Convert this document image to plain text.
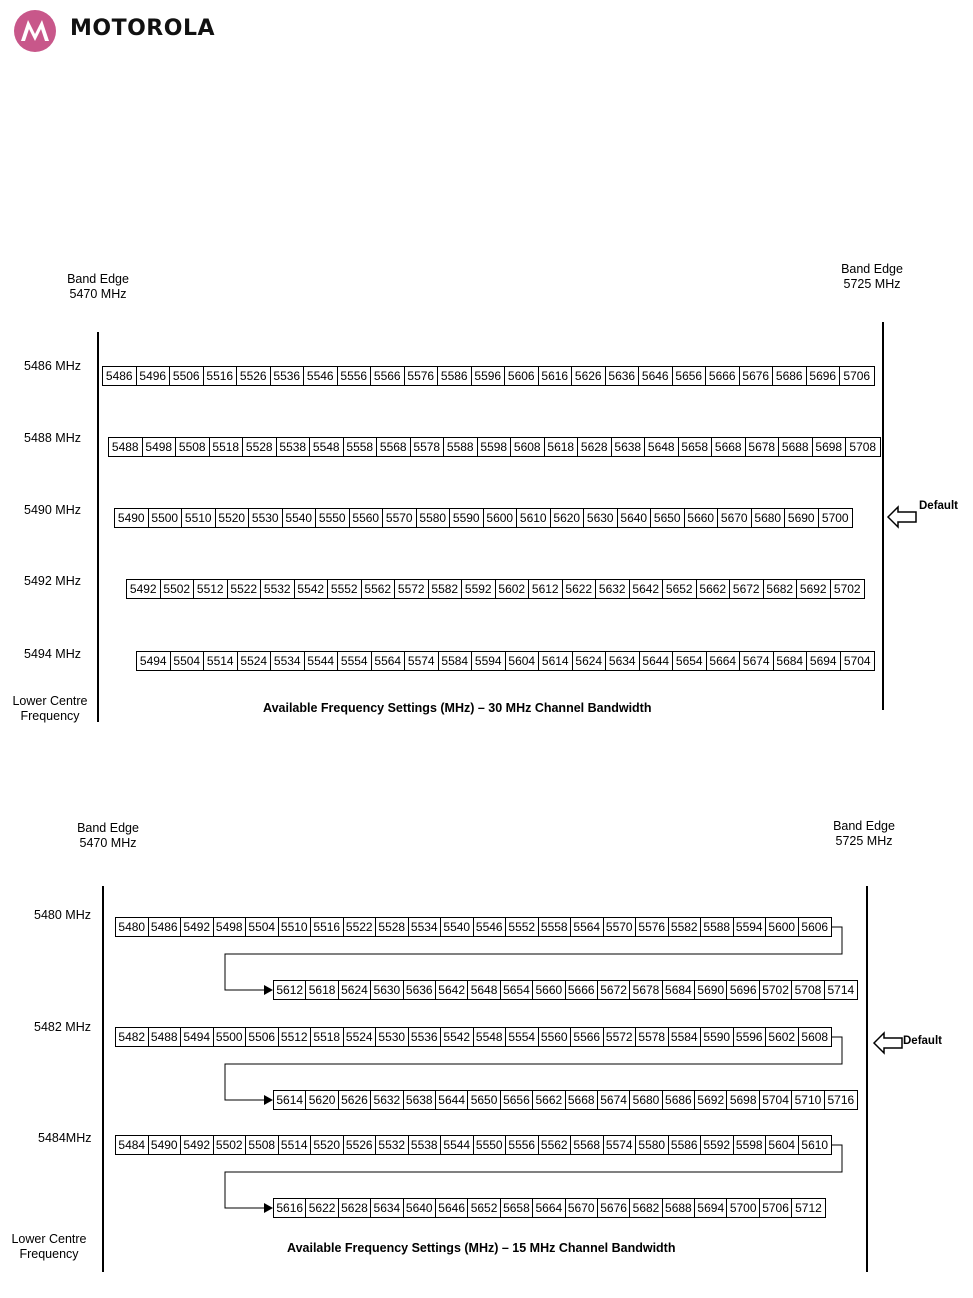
MOTOROLA
Band Edge
5470 MHz
Band Edge
5725 MHz
5486 MHz
5486 5496 5506 5516 5526 5536 5546 5556 5566 5576 5586 5596 5606 5616 5626 5636 5646 5656 5666 5676 5686 5696 5706
5488 MHz
5488 5498 5508 5518 5528 5538 5548 5558 5568 5578 5588 5598 5608 5618 5628 5638 5648 5658 5668 5678 5688 5698 5708
5490 MHz
5490 5500 5510 5520 5530 5540 5550 5560 5570 5580 5590 5600 5610 5620 5630 5640 5650 5660 5670 5680 5690 5700
5492 MHz
5492 5502 5512 5522 5532 5542 5552 5562 5572 5582 5592 5602 5612 5622 5632 5642 5652 5662 5672 5682 5692 5702
5494 MHz	5494 5504 5514 5524 5534 5544 5554 5564 5574 5584 5594 5604 5614 5624 5634 5644 5654 5664 5674 5684 5694 5704
Lower Centre
Frequency
Available Frequency Settings (MHz) – 30 MHz Channel Bandwidth
Default
Band Edge
5470 MHz
Band Edge
5725 MHz
5480 MHz
5480 5486 5492 5498 5504 5510 5516 5522 5528 5534 5540 5546 5552 5558 5564 5570 5576 5582 5588 5594 5600 5606
5612 5618 5624 5630 5636 5642 5648 5654 5660 5666 5672 5678 5684 5690 5696 5702 5708 5714
5482 MHz
5482 5488 5494 5500 5506 5512 5518 5524 5530 5536 5542 5548 5554 5560 5566 5572 5578 5584 5590 5596 5602 5608
5614 5620 5626 5632 5638 5644 5650 5656 5662 5668 5674 5680 5686 5692 5698 5704 5710 5716
5484MHz 5484 5490 5492 5502 5508 5514 5520 5526 5532 5538 5544 5550 5556 5562 5568 5574 5580 5586 5592 5598 5604 5610
5616 5622 5628 5634 5640 5646 5652 5658 5664 5670 5676 5682 5688 5694 5700 5706 5712
Lower Centre
Frequency	Available Frequency Settings (MHz) – 15 MHz Channel Bandwidth
Default
